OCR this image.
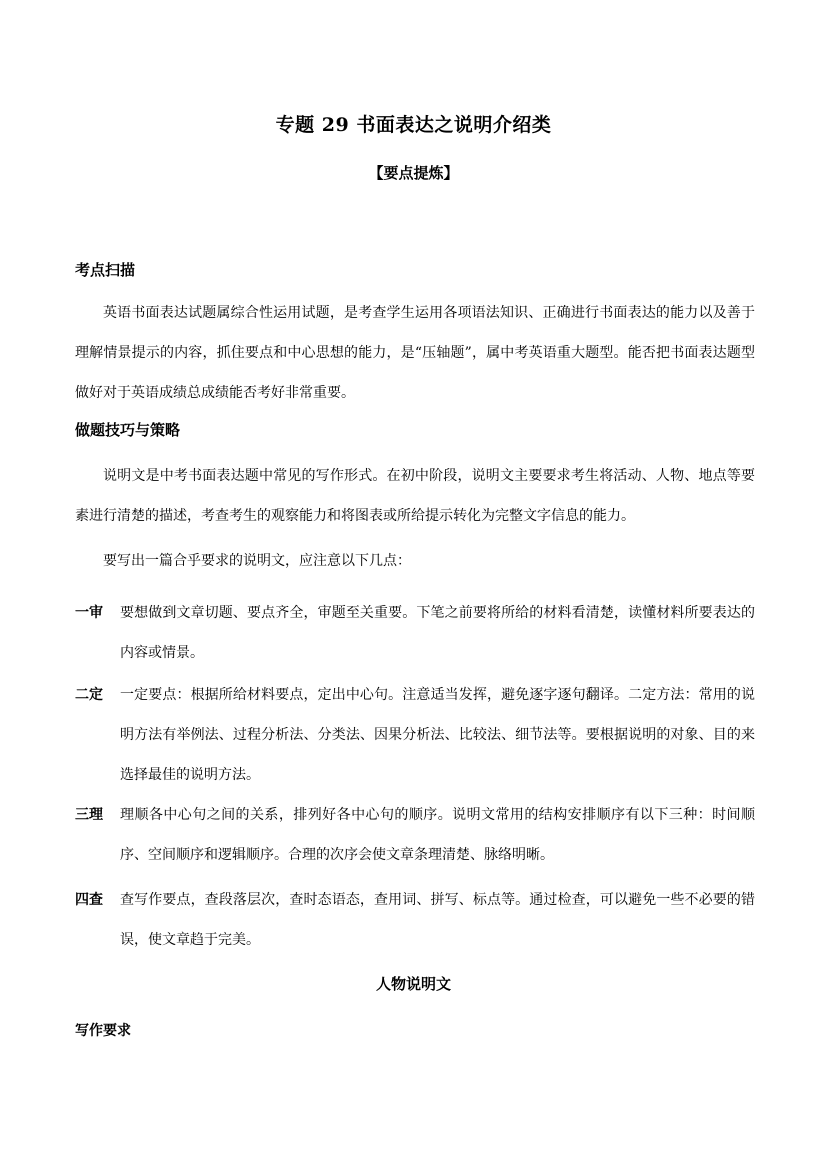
专题 29 书面表达之说明介绍类
【要点提炼】
考点扫描
英语书面表达试题属综合性运用试题，是考查学生运用各项语法知识、正确进行书面表达的能力以及善于理解情景提示的内容，抓住要点和中心思想的能力，是“压轴题”，属中考英语重大题型。能否把书面表达题型做好对于英语成绩总成绩能否考好非常重要。
做题技巧与策略
说明文是中考书面表达题中常见的写作形式。在初中阶段，说明文主要要求考生将活动、人物、地点等要素进行清楚的描述，考查考生的观察能力和将图表或所给提示转化为完整文字信息的能力。
要写出一篇合乎要求的说明文，应注意以下几点：
一审 要想做到文章切题、要点齐全，审题至关重要。下笔之前要将所给的材料看清楚，读懂材料所要表达的内容或情景。
二定 一定要点：根据所给材料要点，定出中心句。注意适当发挥，避免逐字逐句翻译。二定方法：常用的说明方法有举例法、过程分析法、分类法、因果分析法、比较法、细节法等。要根据说明的对象、目的来选择最佳的说明方法。
三理 理顺各中心句之间的关系，排列好各中心句的顺序。说明文常用的结构安排顺序有以下三种：时间顺序、空间顺序和逻辑顺序。合理的次序会使文章条理清楚、脉络明晰。
四查 查写作要点，查段落层次，查时态语态，查用词、拼写、标点等。通过检查，可以避免一些不必要的错误，使文章趋于完美。
人物说明文
写作要求
